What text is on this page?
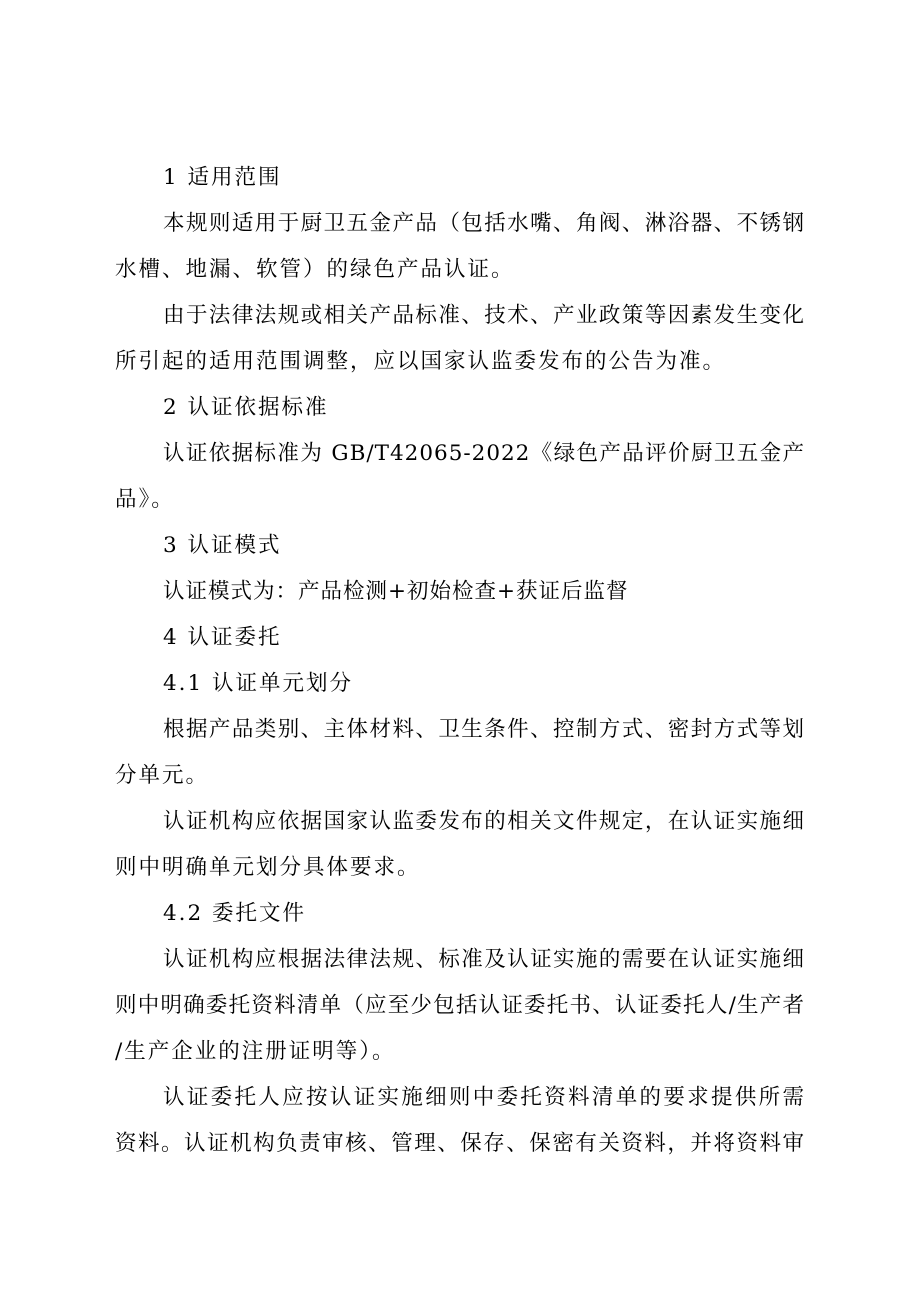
1 适用范围
本规则适用于厨卫五金产品（包括水嘴、角阀、淋浴器、不锈钢
水槽、地漏、软管）的绿色产品认证。
由于法律法规或相关产品标准、技术、产业政策等因素发生变化
所引起的适用范围调整，应以国家认监委发布的公告为准。
2 认证依据标准
认证依据标准为 GB/T42065-2022《绿色产品评价厨卫五金产
品》。
3 认证模式
认证模式为：产品检测+初始检查+获证后监督
4 认证委托
4.1 认证单元划分
根据产品类别、主体材料、卫生条件、控制方式、密封方式等划
分单元。
认证机构应依据国家认监委发布的相关文件规定，在认证实施细
则中明确单元划分具体要求。
4.2 委托文件
认证机构应根据法律法规、标准及认证实施的需要在认证实施细
则中明确委托资料清单（应至少包括认证委托书、认证委托人/生产者
/生产企业的注册证明等）。
认证委托人应按认证实施细则中委托资料清单的要求提供所需
资料。认证机构负责审核、管理、保存、保密有关资料，并将资料审
